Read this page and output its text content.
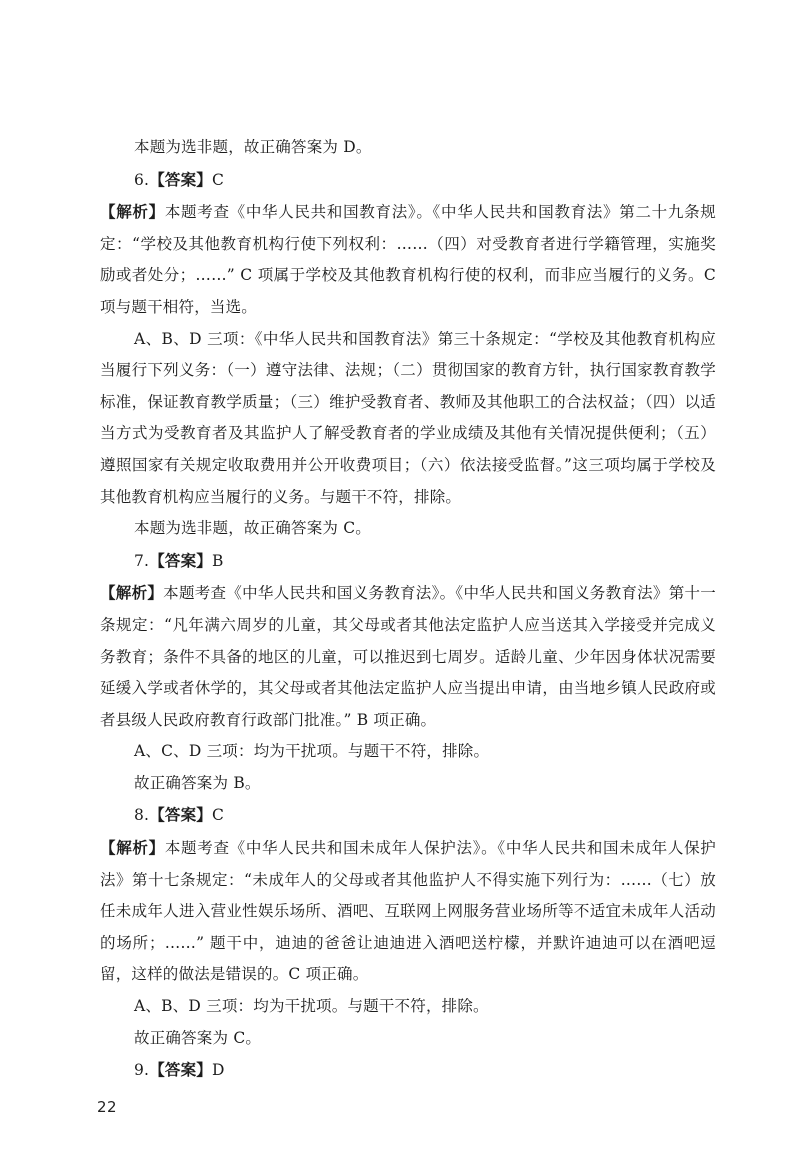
本题为选非题，故正确答案为 D。

6.【答案】C

【解析】本题考查《中华人民共和国教育法》。《中华人民共和国教育法》第二十九条规定：“学校及其他教育机构行使下列权利：……（四）对受教育者进行学籍管理，实施奖励或者处分；……” C 项属于学校及其他教育机构行使的权利，而非应当履行的义务。C 项与题干相符，当选。

A、B、D 三项：《中华人民共和国教育法》第三十条规定：“学校及其他教育机构应当履行下列义务：（一）遵守法律、法规；（二）贯彻国家的教育方针，执行国家教育教学标准，保证教育教学质量；（三）维护受教育者、教师及其他职工的合法权益；（四）以适当方式为受教育者及其监护人了解受教育者的学业成绩及其他有关情况提供便利；（五）遵照国家有关规定收取费用并公开收费项目；（六）依法接受监督。”这三项均属于学校及其他教育机构应当履行的义务。与题干不符，排除。

本题为选非题，故正确答案为 C。

7.【答案】B

【解析】本题考查《中华人民共和国义务教育法》。《中华人民共和国义务教育法》第十一条规定：“凡年满六周岁的儿童，其父母或者其他法定监护人应当送其入学接受并完成义务教育；条件不具备的地区的儿童，可以推迟到七周岁。适龄儿童、少年因身体状况需要延缓入学或者休学的，其父母或者其他法定监护人应当提出申请，由当地乡镇人民政府或者县级人民政府教育行政部门批准。” B 项正确。

A、C、D 三项：均为干扰项。与题干不符，排除。

故正确答案为 B。

8.【答案】C

【解析】本题考查《中华人民共和国未成年人保护法》。《中华人民共和国未成年人保护法》第十七条规定：“未成年人的父母或者其他监护人不得实施下列行为：……（七）放任未成年人进入营业性娱乐场所、酒吧、互联网上网服务营业场所等不适宜未成年人活动的场所；……” 题干中，迪迪的爸爸让迪迪进入酒吧送柠檬，并默许迪迪可以在酒吧逗留，这样的做法是错误的。C 项正确。

A、B、D 三项：均为干扰项。与题干不符，排除。

故正确答案为 C。

9.【答案】D

22
